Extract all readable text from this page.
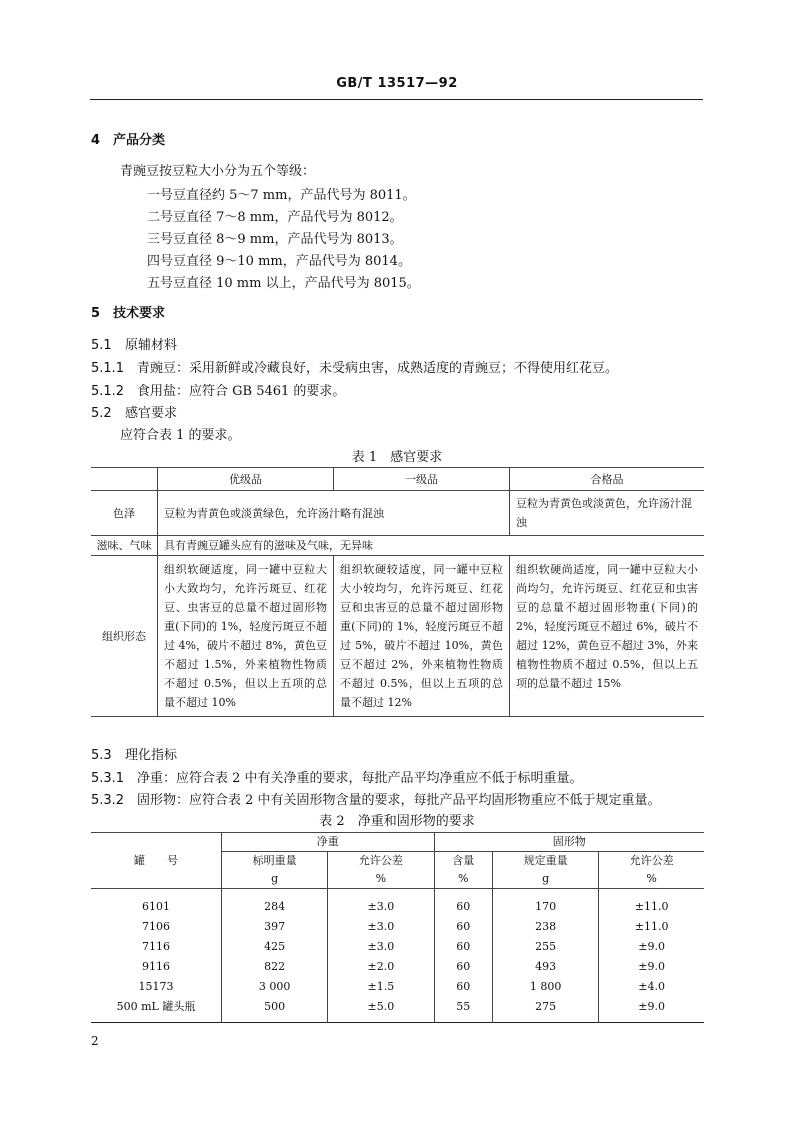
GB/T 13517—92
4 产品分类
青豌豆按豆粒大小分为五个等级：
一号豆直径约 5～7 mm，产品代号为 8011。
二号豆直径 7～8 mm，产品代号为 8012。
三号豆直径 8～9 mm，产品代号为 8013。
四号豆直径 9～10 mm，产品代号为 8014。
五号豆直径 10 mm 以上，产品代号为 8015。
5 技术要求
5.1 原辅材料
5.1.1 青豌豆：采用新鲜或冷藏良好，未受病虫害，成熟适度的青豌豆；不得使用红花豆。
5.1.2 食用盐：应符合 GB 5461 的要求。
5.2 感官要求
应符合表 1 的要求。
表 1　感官要求
	优级品	一级品	合格品
色泽	豆粒为青黄色或淡黄绿色，允许汤汁略有混浊		豆粒为青黄色或淡黄色，允许汤汁混浊
滋味、气味	具有青豌豆罐头应有的滋味及气味，无异味		
组织形态	组织软硬适度，同一罐中豆粒大小大致均匀，允许污斑豆、红花豆、虫害豆的总量不超过固形物重(下同)的 1%，轻度污斑豆不超过 4%，破片不超过 8%，黄色豆不超过 1.5%，外来植物性物质不超过 0.5%，但以上五项的总量不超过 10%	组织软硬较适度，同一罐中豆粒大小较均匀，允许污斑豆、红花豆和虫害豆的总量不超过固形物重(下同)的 1%，轻度污斑豆不超过 5%，破片不超过 10%，黄色豆不超过 2%，外来植物性物质不超过 0.5%，但以上五项的总量不超过 12%	组织软硬尚适度，同一罐中豆粒大小尚均匀，允许污斑豆、红花豆和虫害豆的总量不超过固形物重(下同)的 2%，轻度污斑豆不超过 6%，破片不超过 12%，黄色豆不超过 3%，外来植物性物质不超过 0.5%，但以上五项的总量不超过 15%
5.3 理化指标
5.3.1 净重：应符合表 2 中有关净重的要求，每批产品平均净重应不低于标明重量。
5.3.2 固形物：应符合表 2 中有关固形物含量的要求，每批产品平均固形物重应不低于规定重量。
表 2　净重和固形物的要求
罐　　号	净重		固形物		
	标明重量	允许公差	含量	规定重量	允许公差
	g	%	%	g	%
6101	284	±3.0	60	170	±11.0
7106	397	±3.0	60	238	±11.0
7116	425	±3.0	60	255	±9.0
9116	822	±2.0	60	493	±9.0
15173	3 000	±1.5	60	1 800	±4.0
500 mL 罐头瓶	500	±5.0	55	275	±9.0
2
